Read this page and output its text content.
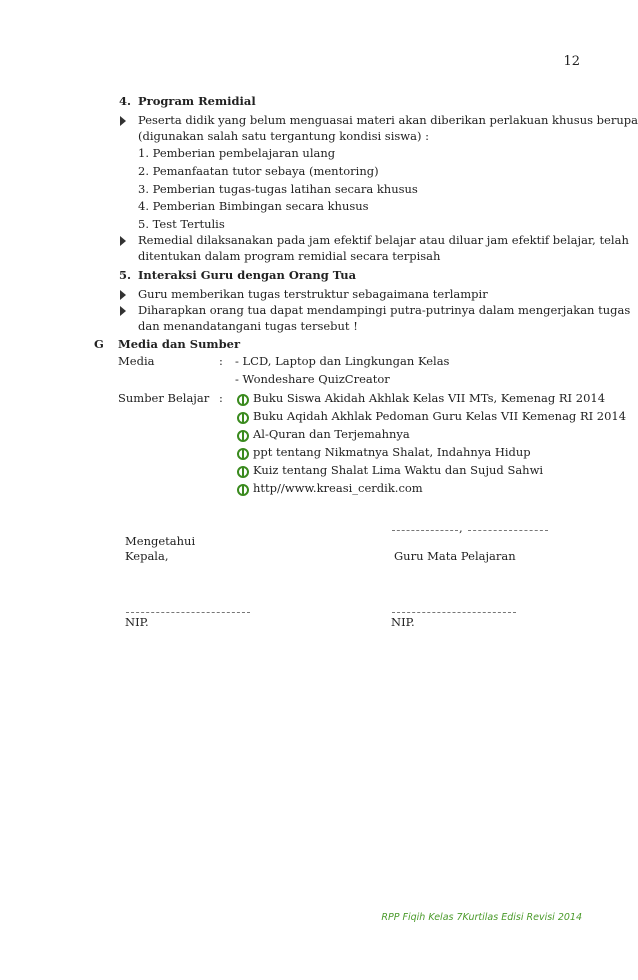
12
4. Program Remidial
Peserta didik yang belum menguasai materi akan diberikan perlakuan khusus berupa
(digunakan salah satu tergantung kondisi siswa) :
1. Pemberian pembelajaran ulang
2. Pemanfaatan tutor sebaya (mentoring)
3. Pemberian tugas-tugas latihan secara khusus
4. Pemberian Bimbingan secara khusus
5. Test Tertulis
Remedial dilaksanakan pada jam efektif belajar atau diluar jam efektif belajar, telah
ditentukan dalam program remidial secara terpisah
5. Interaksi Guru dengan Orang Tua
Guru memberikan tugas terstruktur sebagaimana terlampir
Diharapkan orang tua dapat mendampingi putra-putrinya dalam mengerjakan tugas
dan menandatangani tugas tersebut !
G Media dan Sumber
Media	: - LCD, Laptop dan Lingkungan Kelas
- Wondeshare QuizCreator
Sumber Belajar :	Buku Siswa Akidah Akhlak Kelas VII MTs, Kemenag RI 2014
Buku Aqidah Akhlak Pedoman Guru Kelas VII Kemenag RI 2014
Al-Quran dan Terjemahnya
ppt tentang Nikmatnya Shalat, Indahnya Hidup
Kuiz tentang Shalat Lima Waktu dan Sujud Sahwi
http//www.kreasi_cerdik.com
,
Mengetahui
Kepala,	Guru Mata Pelajaran
NIP.	NIP.
RPP Fiqih Kelas 7Kurtilas Edisi Revisi 2014
